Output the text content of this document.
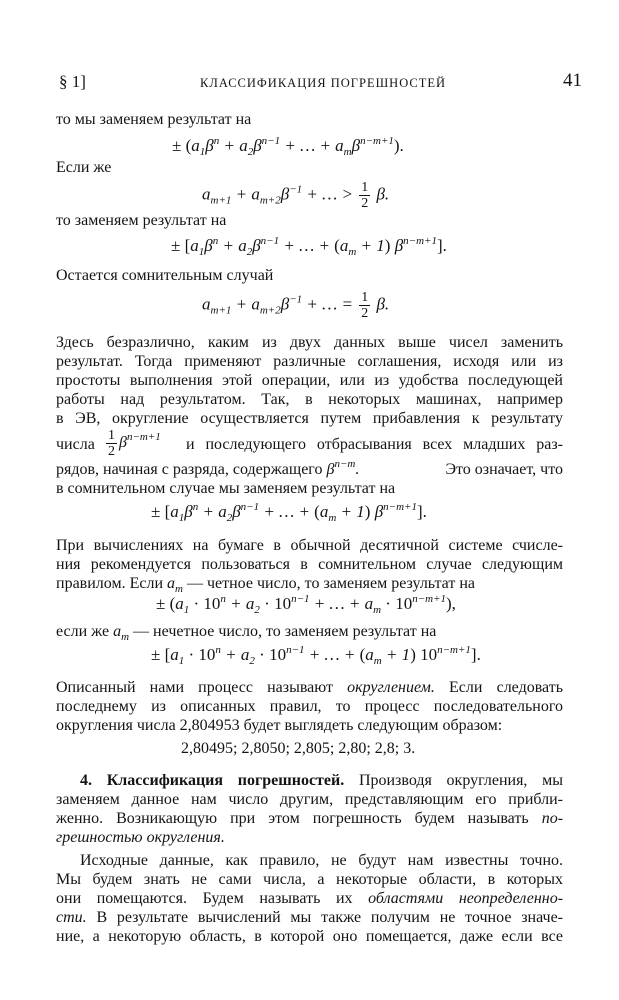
§ 1]	КЛАССИФИКАЦИЯ ПОГРЕШНОСТЕЙ	41
то мы заменяем результат на
± ($a_1\beta^n + a_2\beta^{n-1}$ + … + $a_m\beta^{n-m+1}$).
Если же
$a_{m+1} + a_{m+2}\beta^{-1}$ + … > $\frac{1}{2} \beta$.
то заменяем результат на
± [$a_1\beta^n + a_2\beta^{n-1}$ + … + $(a_m + 1)$ $\beta^{n-m+1}$].
Остается сомнительным случай
$a_{m+1} + a_{m+2}\beta^{-1}$ + … = $\frac{1}{2} \beta$.
Здесь безразлично, каким из двух данных выше чисел заменить
результат. Тогда применяют различные соглашения, исходя или из
простоты выполнения этой операции, или из удобства последующей
работы над результатом. Так, в некоторых машинах, например
в ЭВ, округление осуществляется путем прибавления к результату
числа $\frac{1}{2} \beta^{n-m+1}$ и последующего отбрасывания всех младших раз-
рядов, начиная с разряда, содержащего $\beta^{n-m}$.	Это означает, что
в сомнительном случае мы заменяем результат на
± [$a_1\beta^n + a_2\beta^{n-1}$ + … + $(a_m + 1)$ $\beta^{n-m+1}$].
При вычислениях на бумаге в обычной десятичной системе счисле-
ния рекомендуется пользоваться в сомнительном случае следующим
правилом. Если $a_m$ — четное число, то заменяем результат на
± ($a_1 \cdot 10^n + a_2 \cdot 10^{n-1}$ + … + $a_m \cdot 10^{n-m+1}$),
если же $a_m$ — нечетное число, то заменяем результат на
± [$a_1 \cdot 10^n + a_2 \cdot 10^{n-1}$ + … + $(a_m + 1)$ $10^{n-m+1}$].
Описанный нами процесс называют округлением. Если следовать
последнему из описанных правил, то процесс последовательного
округления числа 2,804953 будет выглядеть следующим образом:
2,80495; 2,8050; 2,805; 2,80; 2,8; 3.
4. Классификация погрешностей. Производя округления, мы
заменяем данное нам число другим, представляющим его прибли-
женно. Возникающую при этом погрешность будем называть по-
грешностью округления.
Исходные данные, как правило, не будут нам известны точно.
Мы будем знать не сами числа, а некоторые области, в которых
они помещаются. Будем называть их областями неопределенно-
сти. В результате вычислений мы также получим не точное значе-
ние, а некоторую область, в которой оно помещается, даже если все
